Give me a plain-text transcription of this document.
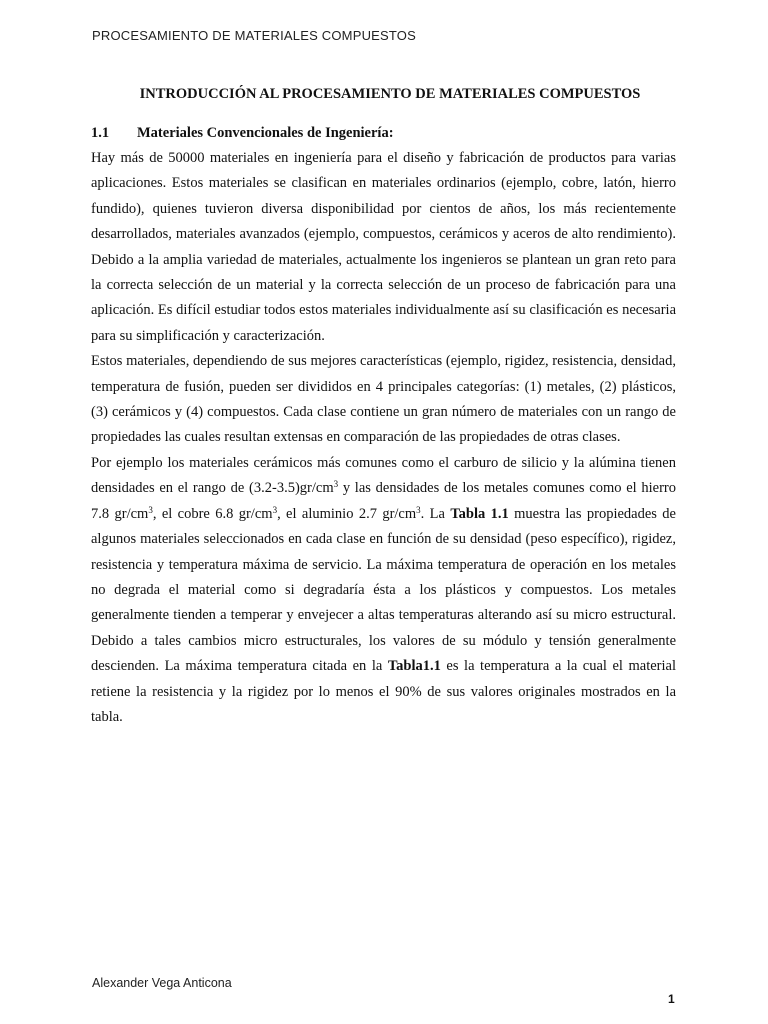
PROCESAMIENTO DE MATERIALES COMPUESTOS
INTRODUCCIÓN AL PROCESAMIENTO DE MATERIALES COMPUESTOS
1.1 Materiales Convencionales de Ingeniería:

Hay más de 50000 materiales en ingeniería para el diseño y fabricación de productos para varias aplicaciones. Estos materiales se clasifican en materiales ordinarios (ejemplo, cobre, latón, hierro fundido), quienes tuvieron diversa disponibilidad por cientos de años, los más recientemente desarrollados, materiales avanzados (ejemplo, compuestos, cerámicos y aceros de alto rendimiento). Debido a la amplia variedad de materiales, actualmente los ingenieros se plantean un gran reto para la correcta selección de un material y la correcta selección de un proceso de fabricación para una aplicación. Es difícil estudiar todos estos materiales individualmente así su clasificación es necesaria para su simplificación y caracterización.

Estos materiales, dependiendo de sus mejores características (ejemplo, rigidez, resistencia, densidad, temperatura de fusión, pueden ser divididos en 4 principales categorías: (1) metales, (2) plásticos, (3) cerámicos y (4) compuestos. Cada clase contiene un gran número de materiales con un rango de propiedades las cuales resultan extensas en comparación de las propiedades de otras clases.

Por ejemplo los materiales cerámicos más comunes como el carburo de silicio y la alúmina tienen densidades en el rango de $(3.2-3.5)gr/cm^3$ y las densidades de los metales comunes como el hierro 7.8 $gr/cm^3$, el cobre 6.8 $gr/cm^3$, el aluminio 2.7 $gr/cm^3$. La Tabla 1.1 muestra las propiedades de algunos materiales seleccionados en cada clase en función de su densidad (peso específico), rigidez, resistencia y temperatura máxima de servicio. La máxima temperatura de operación en los metales no degrada el material como si degradaría ésta a los plásticos y compuestos. Los metales generalmente tienden a temperar y envejecer a altas temperaturas alterando así su micro estructural. Debido a tales cambios micro estructurales, los valores de su módulo y tensión generalmente descienden. La máxima temperatura citada en la Tabla1.1 es la temperatura a la cual el material retiene la resistencia y la rigidez por lo menos el 90% de sus valores originales mostrados en la tabla.

Alexander Vega Anticona
1
